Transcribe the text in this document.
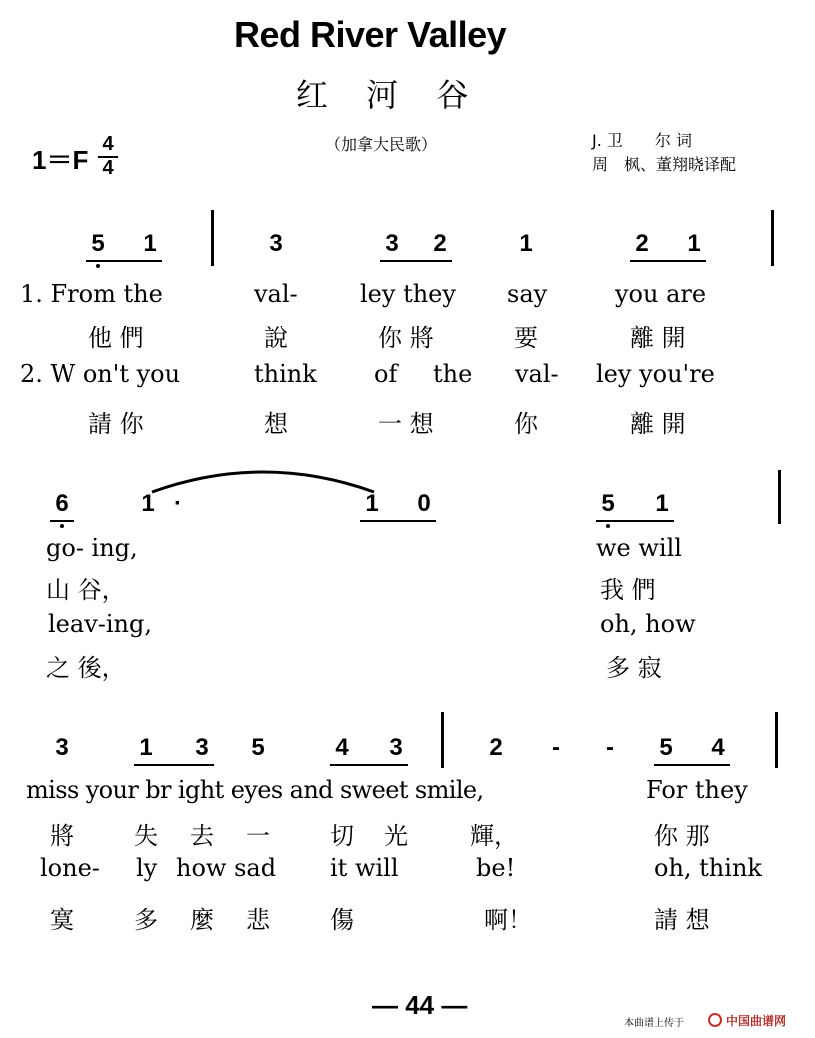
Red River Valley
红 河 谷
1＝F
4
4
（加拿大民歌）	J. 卫　　尔 词
周　枫、董翔晓译配
5 1	3	3 2	1	2 1
1. From the	val-	ley they say	you are
他 們	說	你 將	要	離 開
2. W on't you	think of the val- ley you're
請 你	想	一 想	你	離 開
6	1 ·	1 0	5 1
go- ing,	we will
山 谷，	我 們
leav-ing,	oh, how
之 後，	多 寂
3	1 3 5	4 3	2	-	-	5 4
miss your br ight eyes and sweet smile,	For they
將	失 去 一	切 光	輝，	你 那
lone- ly how sad it will	be!	oh, think
寞	多 麼 悲	傷	啊！	請 想
— 44 —
本曲谱上传于	中国曲谱网
